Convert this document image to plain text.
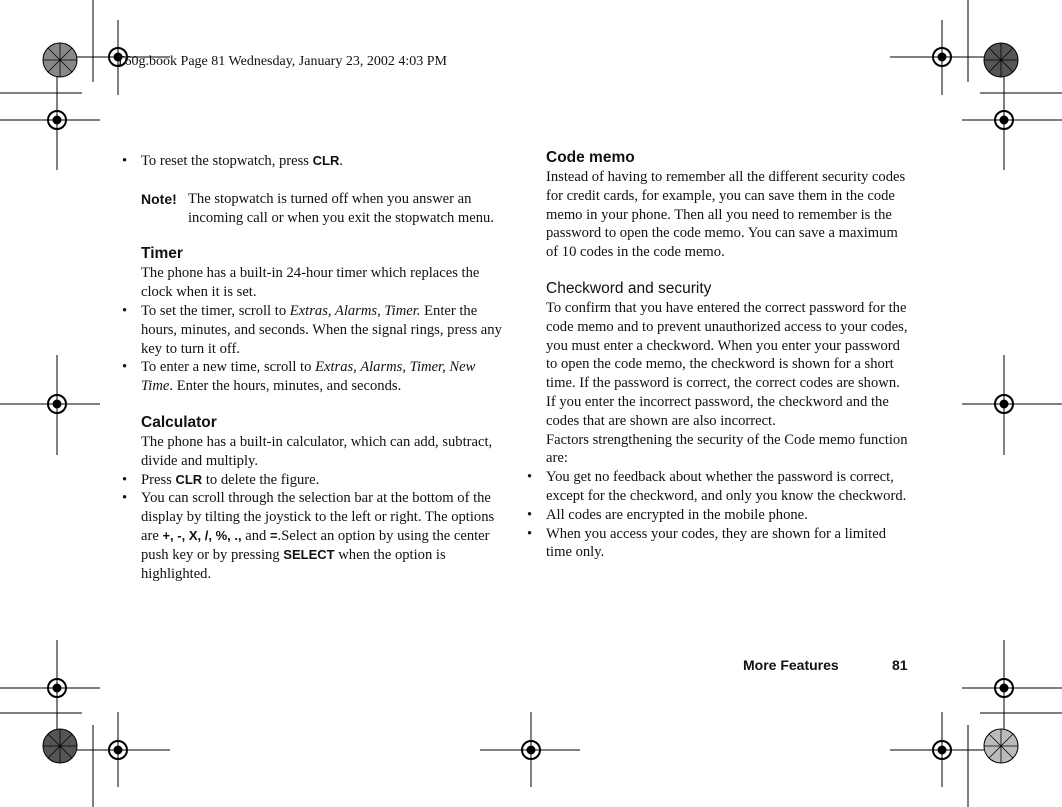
T60g.book Page 81 Wednesday, January 23, 2002 4:03 PM

• To reset the stopwatch, press CLR.

Note! The stopwatch is turned off when you answer an incoming call or when you exit the stopwatch menu.
Timer
The phone has a built-in 24-hour timer which replaces the clock when it is set.

• To set the timer, scroll to Extras, Alarms, Timer. Enter the hours, minutes, and seconds. When the signal rings, press any key to turn it off.

• To enter a new time, scroll to Extras, Alarms, Timer, New Time. Enter the hours, minutes, and seconds.

Calculator
The phone has a built-in calculator, which can add, subtract, divide and multiply.

• Press CLR to delete the figure.

• You can scroll through the selection bar at the bottom of the display by tilting the joystick to the left or right. The options are +, -, X, /, %, ., and =.Select an option by using the center push key or by pressing SELECT when the option is highlighted.

Code memo
Instead of having to remember all the different security codes for credit cards, for example, you can save them in the code memo in your phone. Then all you need to remember is the password to open the code memo. You can save a maximum of 10 codes in the code memo.
Checkword and security
To confirm that you have entered the correct password for the code memo and to prevent unauthorized access to your codes, you must enter a checkword. When you enter your password to open the code memo, the checkword is shown for a short time. If the password is correct, the correct codes are shown. If you enter the incorrect password, the checkword and the codes that are shown are also incorrect.
Factors strengthening the security of the Code memo function are:

• You get no feedback about whether the password is correct, except for the checkword, and only you know the checkword.

• All codes are encrypted in the mobile phone.

• When you access your codes, they are shown for a limited time only.

More Features	81
